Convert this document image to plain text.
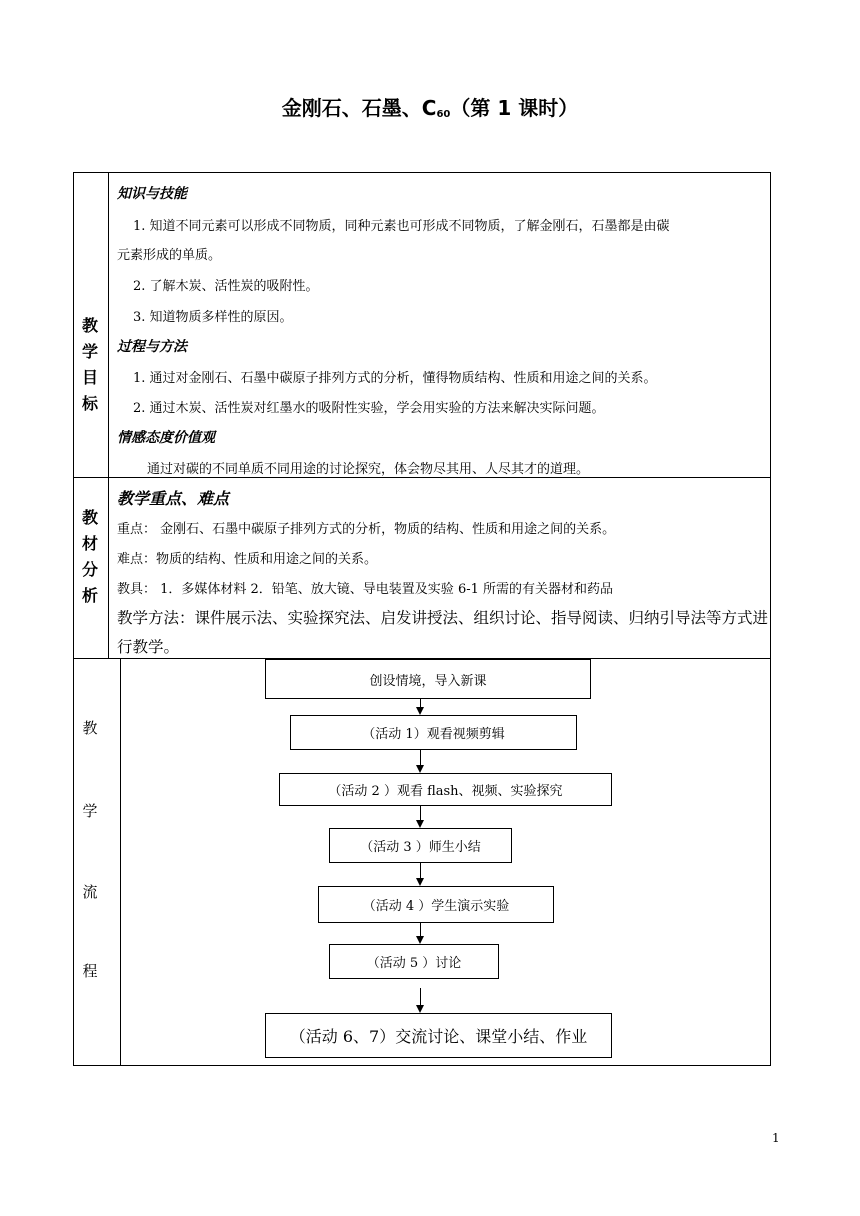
金刚石、石墨、$C_{60}$（第 1 课时）
教
学
目
标
知识与技能
1. 知道不同元素可以形成不同物质，同种元素也可形成不同物质，了解金刚石，石墨都是由碳
元素形成的单质。
2. 了解木炭、活性炭的吸附性。
3. 知道物质多样性的原因。
过程与方法
1. 通过对金刚石、石墨中碳原子排列方式的分析，懂得物质结构、性质和用途之间的关系。
2. 通过木炭、活性炭对红墨水的吸附性实验，学会用实验的方法来解决实际问题。
情感态度价值观
通过对碳的不同单质不同用途的讨论探究，体会物尽其用、人尽其才的道理。
教
材
分
析
教学重点、难点
重点： 金刚石、石墨中碳原子排列方式的分析，物质的结构、性质和用途之间的关系。
难点：物质的结构、性质和用途之间的关系。
教具： 1．多媒体材料 2．铅笔、放大镜、导电装置及实验 6-1 所需的有关器材和药品
教学方法：课件展示法、实验探究法、启发讲授法、组织讨论、指导阅读、归纳引导法等方式进
行教学。
教
学
流
程
创设情境，导入新课
（活动 1）观看视频剪辑
（活动 2 ）观看 flash、视频、实验探究
（活动 3 ）师生小结
（活动 4 ）学生演示实验
（活动 5 ）讨论
（活动 6、7）交流讨论、课堂小结、作业
1
